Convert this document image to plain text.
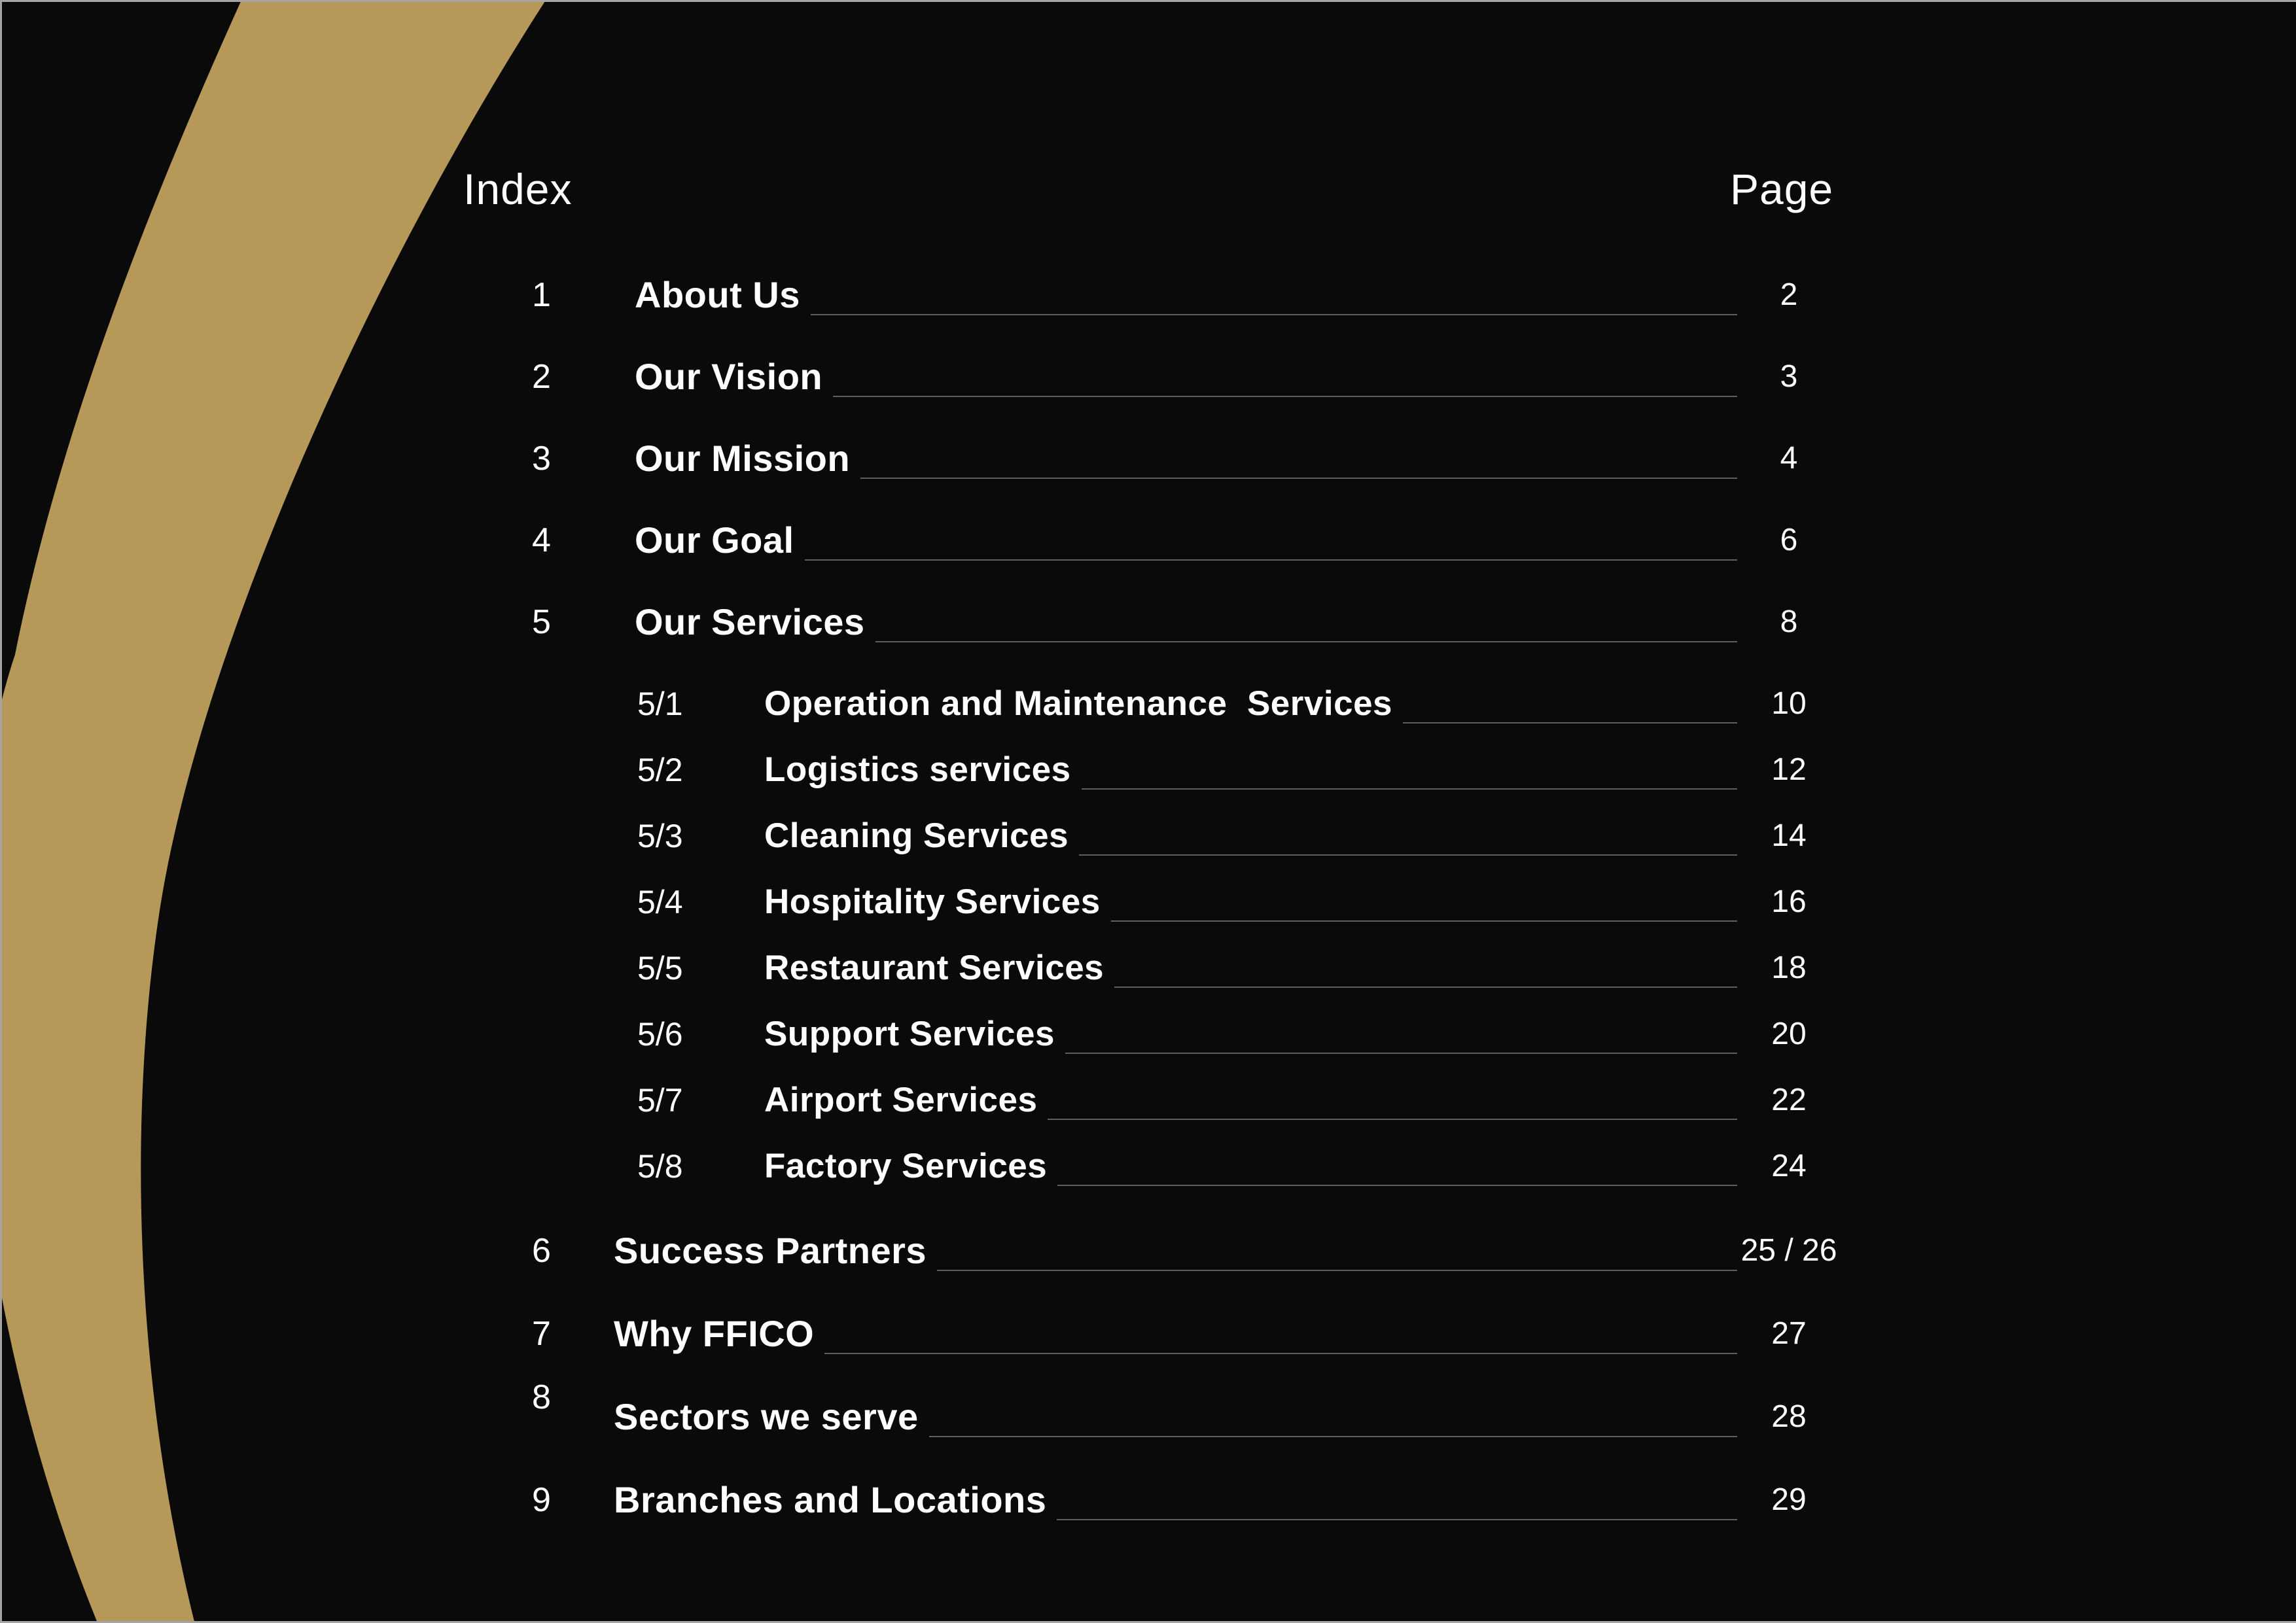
Index	Page
1	About Us	2
2	Our Vision	3
3	Our Mission	4
4	Our Goal	6
5	Our Services	8
5/1	Operation and Maintenance  Services	10
5/2	Logistics services	12
5/3	Cleaning Services	14
5/4	Hospitality Services	16
5/5	Restaurant Services	18
5/6	Support Services	20
5/7	Airport Services	22
5/8	Factory Services	24
6	Success Partners	25 / 26
7	Why FFICO	27
8	Sectors we serve	28
9	Branches and Locations	29
